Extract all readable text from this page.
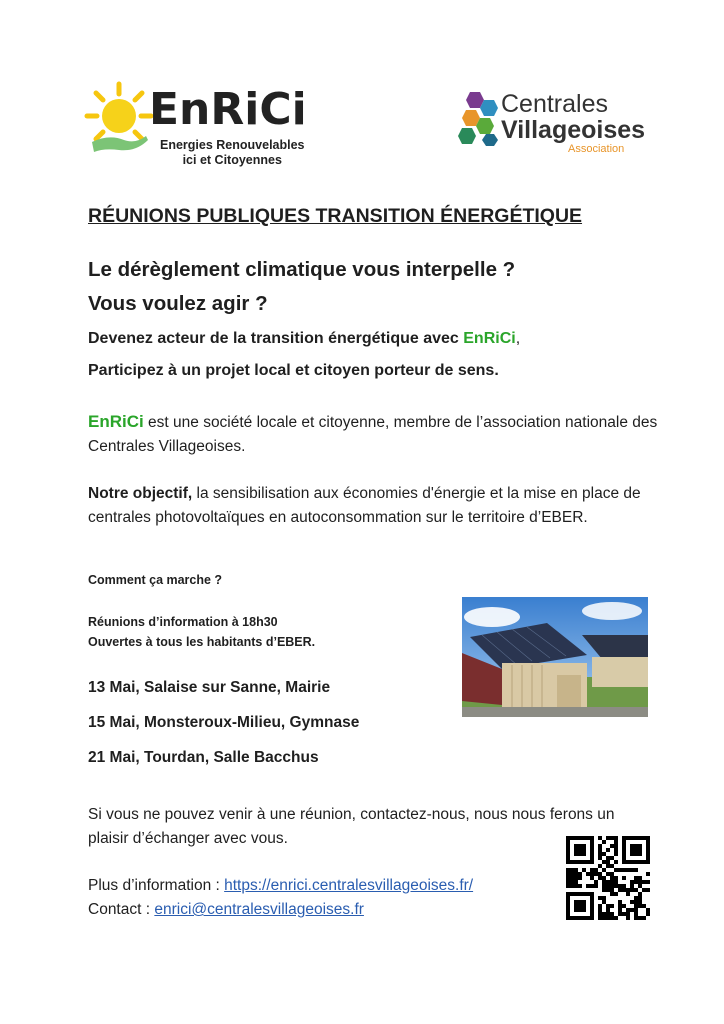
EnRiCi
Energies Renouvelables
ici et Citoyennes
Centrales
Villageoises
Association
RÉUNIONS PUBLIQUES TRANSITION ÉNERGÉTIQUE
Le dérèglement climatique vous interpelle ?
Vous voulez agir ?
Devenez acteur de la transition énergétique avec EnRiCi,
Participez à un projet local et citoyen porteur de sens.
EnRiCi est une société locale et citoyenne, membre de l’association nationale des Centrales Villageoises.
Notre objectif, la sensibilisation aux économies d'énergie et la mise en place de centrales photovoltaïques en autoconsommation sur le territoire d’EBER.
Comment ça marche ?
Réunions d’information à 18h30
Ouvertes à tous les habitants d’EBER.
13 Mai, Salaise sur Sanne, Mairie
15 Mai, Monsteroux-Milieu, Gymnase
21 Mai, Tourdan, Salle Bacchus
Si vous ne pouvez venir à une réunion, contactez-nous, nous nous ferons un plaisir d’échanger avec vous.
Plus d’information : https://enrici.centralesvillageoises.fr/
Contact : enrici@centralesvillageoises.fr
